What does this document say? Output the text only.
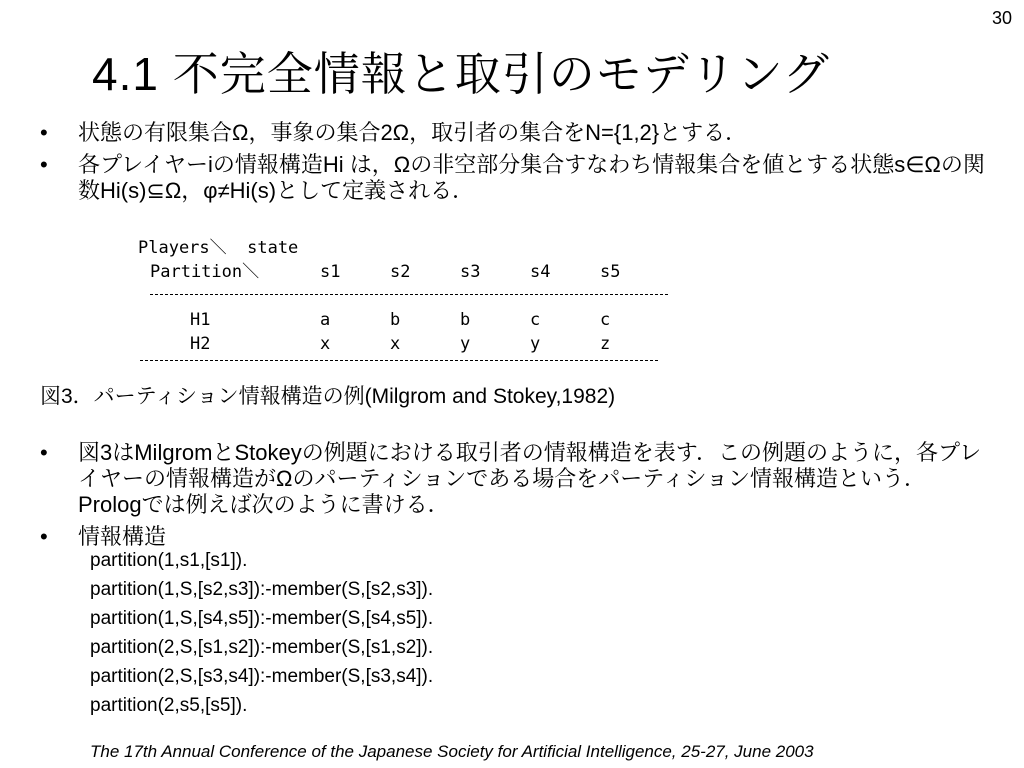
30
4.1 不完全情報と取引のモデリング
• 状態の有限集合Ω，事象の集合2Ω，取引者の集合をN={1,2}とする．
• 各プレイヤーiの情報構造Hi は，Ωの非空部分集合すなわち情報集合を値とする状態s∈Ωの関数Hi(s)⊆Ω，φ≠Hi(s)として定義される．
Players＼  state
Partition＼	s1	s2	s3	s4	s5
H1	a	b	b	c	c
H2	x	x	y	y	z
図3．パーティション情報構造の例(Milgrom and Stokey,1982)
• 図3はMilgromとStokeyの例題における取引者の情報構造を表す．この例題のように，各プレイヤーの情報構造がΩのパーティションである場合をパーティション情報構造という． Prologでは例えば次のように書ける．
• 情報構造
partition(1,s1,[s1]).
partition(1,S,[s2,s3]):-member(S,[s2,s3]).
partition(1,S,[s4,s5]):-member(S,[s4,s5]).
partition(2,S,[s1,s2]):-member(S,[s1,s2]).
partition(2,S,[s3,s4]):-member(S,[s3,s4]).
partition(2,s5,[s5]).
The 17th Annual Conference of the Japanese Society for Artificial Intelligence, 25-27, June 2003
